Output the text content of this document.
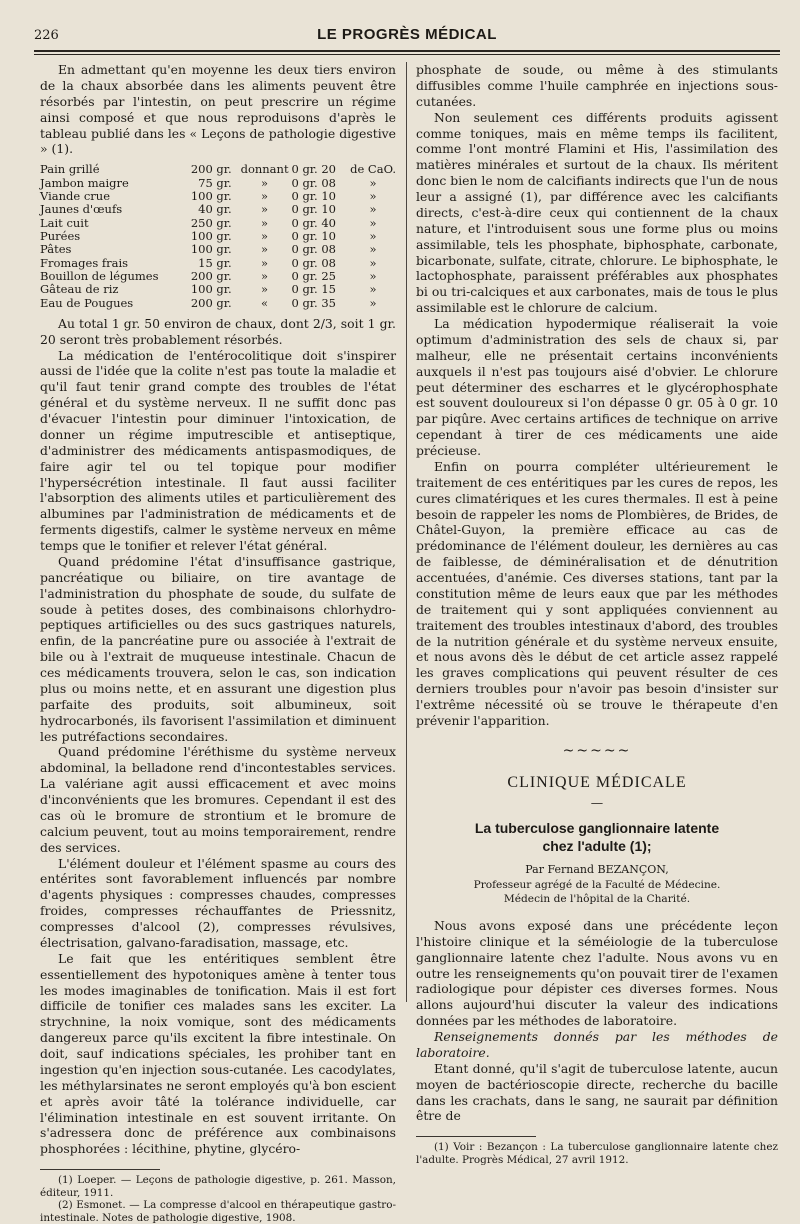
226	LE PROGRÈS MÉDICAL

En admettant qu'en moyenne les deux tiers environ de la chaux absorbée dans les aliments peuvent être résorbés par l'intestin, on peut prescrire un régime ainsi composé et que nous reproduisons d'après le tableau publié dans les « Leçons de pathologie digestive » (1).

Pain grillé	200 gr.	donnant	0 gr. 20	de CaO.
Jambon maigre	75 gr.	»	0 gr. 08	»
Viande crue	100 gr.	»	0 gr. 10	»
Jaunes d'œufs	40 gr.	»	0 gr. 10	»
Lait cuit	250 gr.	»	0 gr. 40	»
Purées	100 gr.	»	0 gr. 10	»
Pâtes	100 gr.	»	0 gr. 08	»
Fromages frais	15 gr.	»	0 gr. 08	»
Bouillon de légumes	200 gr.	»	0 gr. 25	»
Gâteau de riz	100 gr.	»	0 gr. 15	»
Eau de Pougues	200 gr.	«	0 gr. 35	»

Au total 1 gr. 50 environ de chaux, dont 2/3, soit 1 gr. 20 seront très probablement résorbés.

La médication de l'entérocolitique doit s'inspirer aussi de l'idée que la colite n'est pas toute la maladie et qu'il faut tenir grand compte des troubles de l'état général et du système nerveux. Il ne suffit donc pas d'évacuer l'intestin pour diminuer l'intoxication, de donner un régime imputrescible et antiseptique, d'administrer des médicaments antispasmodiques, de faire agir tel ou tel topique pour modifier l'hypersécrétion intestinale. Il faut aussi faciliter l'absorption des aliments utiles et particulièrement des albumines par l'administration de médicaments et de ferments digestifs, calmer le système nerveux en même temps que le tonifier et relever l'état général.

Quand prédomine l'état d'insuffisance gastrique, pancréatique ou biliaire, on tire avantage de l'administration du phosphate de soude, du sulfate de soude à petites doses, des combinaisons chlorhydro-peptiques artificielles ou des sucs gastriques naturels, enfin, de la pancréatine pure ou associée à l'extrait de bile ou à l'extrait de muqueuse intestinale. Chacun de ces médicaments trouvera, selon le cas, son indication plus ou moins nette, et en assurant une digestion plus parfaite des produits, soit albumineux, soit hydrocarbonés, ils favorisent l'assimilation et diminuent les putréfactions secondaires.

Quand prédomine l'éréthisme du système nerveux abdominal, la belladone rend d'incontestables services. La valériane agit aussi efficacement et avec moins d'inconvénients que les bromures. Cependant il est des cas où le bromure de strontium et le bromure de calcium peuvent, tout au moins temporairement, rendre des services.

L'élément douleur et l'élément spasme au cours des entérites sont favorablement influencés par nombre d'agents physiques : compresses chaudes, compresses froides, compresses réchauffantes de Priessnitz, compresses d'alcool (2), compresses révulsives, électrisation, galvano-faradisation, massage, etc.

Le fait que les entéritiques semblent être essentiellement des hypotoniques amène à tenter tous les modes imaginables de tonification. Mais il est fort difficile de tonifier ces malades sans les exciter. La strychnine, la noix vomique, sont des médicaments dangereux parce qu'ils excitent la fibre intestinale. On doit, sauf indications spéciales, les prohiber tant en ingestion qu'en injection sous-cutanée. Les cacodylates, les méthylarsinates ne seront employés qu'à bon escient et après avoir tâté la tolérance individuelle, car l'élimination intestinale en est souvent irritante. On s'adressera donc de préférence aux combinaisons phosphorées : lécithine, phytine, glycéro-

(1) Loeper. — Leçons de pathologie digestive, p. 261. Masson, éditeur, 1911.

(2) Esmonet. — La compresse d'alcool en thérapeutique gastro-intestinale. Notes de pathologie digestive, 1908.

phosphate de soude, ou même à des stimulants diffusibles comme l'huile camphrée en injections sous-cutanées.

Non seulement ces différents produits agissent comme toniques, mais en même temps ils facilitent, comme l'ont montré Flamini et His, l'assimilation des matières minérales et surtout de la chaux. Ils méritent donc bien le nom de calcifiants indirects que l'un de nous leur a assigné (1), par différence avec les calcifiants directs, c'est-à-dire ceux qui contiennent de la chaux nature, et l'introduisent sous une forme plus ou moins assimilable, tels les phosphate, biphosphate, carbonate, bicarbonate, sulfate, citrate, chlorure. Le biphosphate, le lactophosphate, paraissent préférables aux phosphates bi ou tri-calciques et aux carbonates, mais de tous le plus assimilable est le chlorure de calcium.

La médication hypodermique réaliserait la voie optimum d'administration des sels de chaux si, par malheur, elle ne présentait certains inconvénients auxquels il n'est pas toujours aisé d'obvier. Le chlorure peut déterminer des escharres et le glycérophosphate est souvent douloureux si l'on dépasse 0 gr. 05 à 0 gr. 10 par piqûre. Avec certains artifices de technique on arrive cependant à tirer de ces médicaments une aide précieuse.

Enfin on pourra compléter ultérieurement le traitement de ces entéritiques par les cures de repos, les cures climatériques et les cures thermales. Il est à peine besoin de rappeler les noms de Plombières, de Brides, de Châtel-Guyon, la première efficace au cas de prédominance de l'élément douleur, les dernières au cas de faiblesse, de déminéralisation et de dénutrition accentuées, d'anémie. Ces diverses stations, tant par la constitution même de leurs eaux que par les méthodes de traitement qui y sont appliquées conviennent au traitement des troubles intestinaux d'abord, des troubles de la nutrition générale et du système nerveux ensuite, et nous avons dès le début de cet article assez rappelé les graves complications qui peuvent résulter de ces derniers troubles pour n'avoir pas besoin d'insister sur l'extrême nécessité où se trouve le thérapeute d'en prévenir l'apparition.

~~~~~
CLINIQUE MÉDICALE
—
La tuberculose ganglionnaire latente
chez l'adulte (1);
Par Fernand BEZANÇON,
Professeur agrégé de la Faculté de Médecine.
Médecin de l'hôpital de la Charité.

Nous avons exposé dans une précédente leçon l'histoire clinique et la séméiologie de la tuberculose ganglionnaire latente chez l'adulte. Nous avons vu en outre les renseignements qu'on pouvait tirer de l'examen radiologique pour dépister ces diverses formes. Nous allons aujourd'hui discuter la valeur des indications données par les méthodes de laboratoire.

Renseignements donnés par les méthodes de laboratoire.

Etant donné, qu'il s'agit de tuberculose latente, aucun moyen de bactérioscopie directe, recherche du bacille dans les crachats, dans le sang, ne saurait par définition être de

(1) Voir : Bezançon : La tuberculose ganglionnaire latente chez l'adulte. Progrès Médical, 27 avril 1912.
